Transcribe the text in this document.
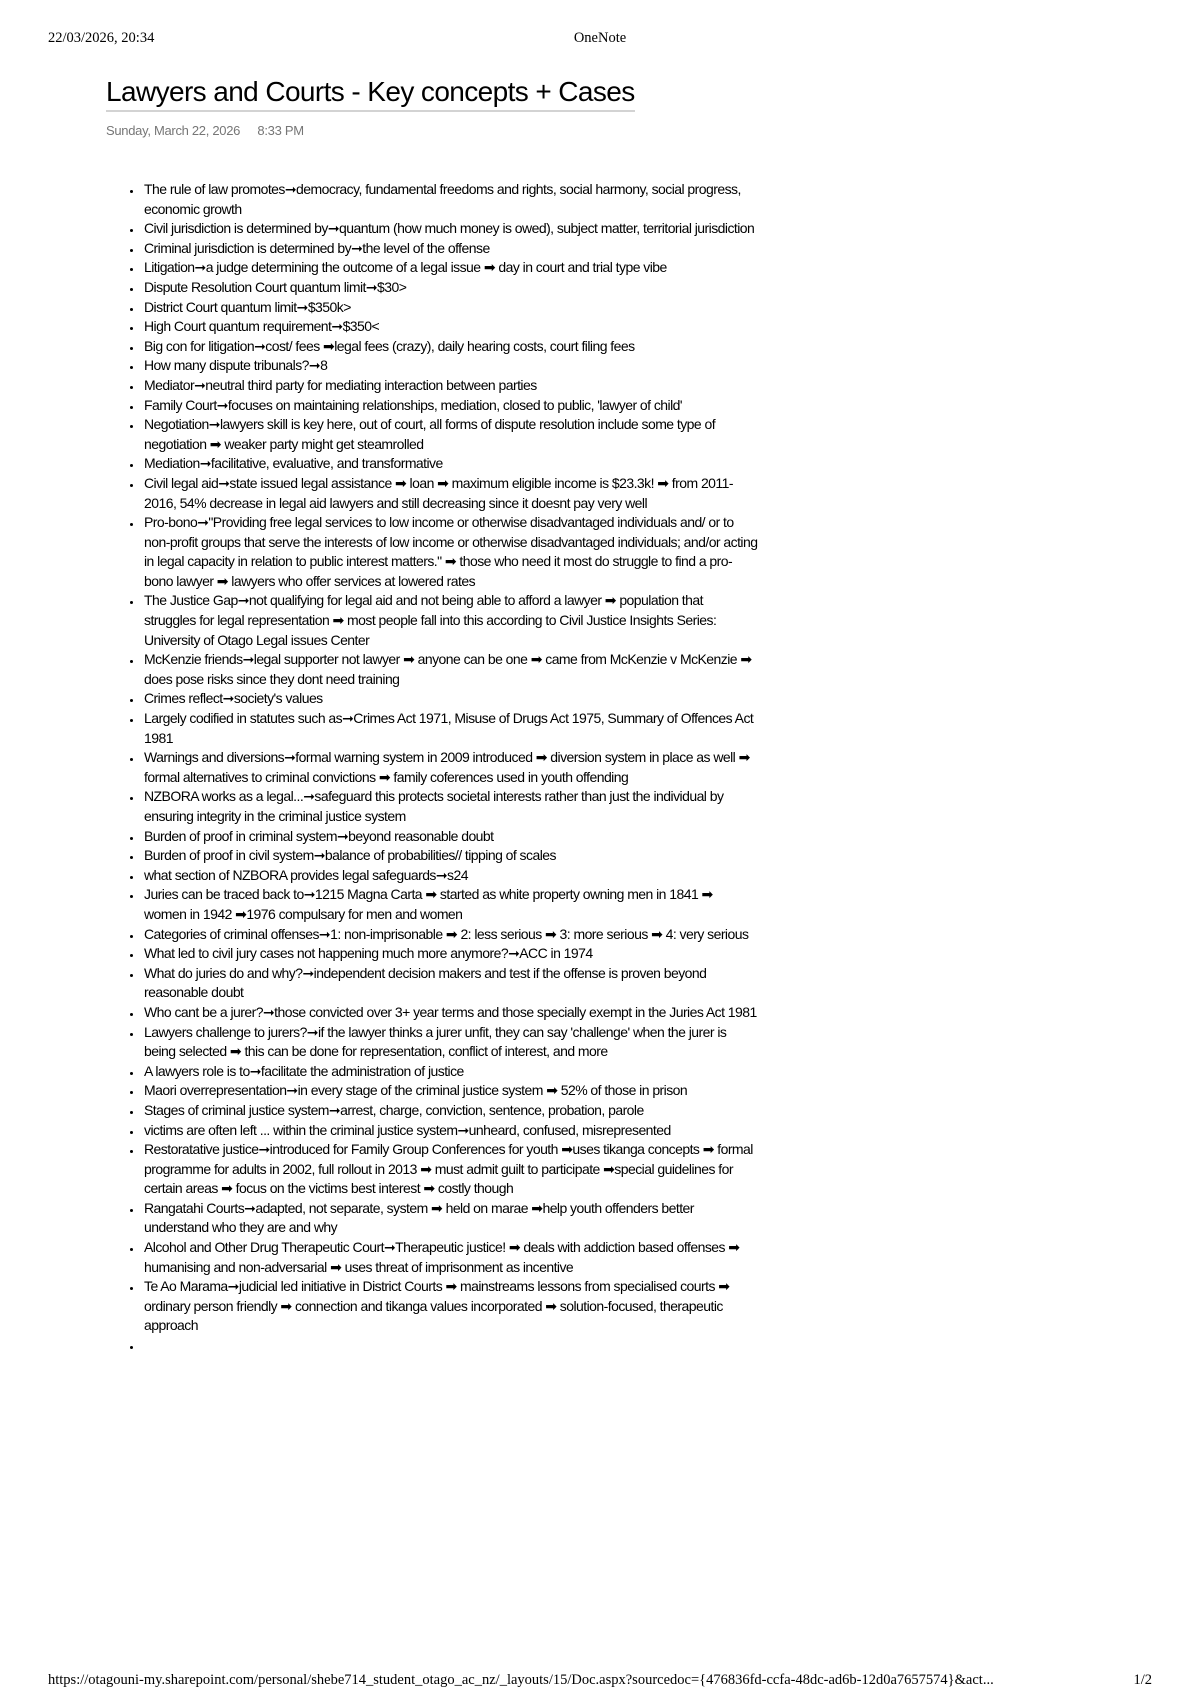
22/03/2026, 20:34	OneNote
Lawyers and Courts - Key concepts + Cases
Sunday, March 22, 2026 8:33 PM
• The rule of law promotes➞democracy, fundamental freedoms and rights, social harmony, social progress, economic growth
• Civil jurisdiction is determined by➞quantum (how much money is owed), subject matter, territorial jurisdiction
• Criminal jurisdiction is determined by➞the level of the offense
• Litigation➞a judge determining the outcome of a legal issue ➡ day in court and trial type vibe
• Dispute Resolution Court quantum limit➞$30>
• District Court quantum limit➞$350k>
• High Court quantum requirement➞$350<
• Big con for litigation➞cost/ fees ➡legal fees (crazy), daily hearing costs, court filing fees
• How many dispute tribunals?➞8
• Mediator➞neutral third party for mediating interaction between parties
• Family Court➞focuses on maintaining relationships, mediation, closed to public, 'lawyer of child'
• Negotiation➞lawyers skill is key here, out of court, all forms of dispute resolution include some type of negotiation ➡ weaker party might get steamrolled
• Mediation➞facilitative, evaluative, and transformative
• Civil legal aid➞state issued legal assistance ➡ loan ➡ maximum eligible income is $23.3k! ➡ from 2011-2016, 54% decrease in legal aid lawyers and still decreasing since it doesnt pay very well
• Pro-bono➞"Providing free legal services to low income or otherwise disadvantaged individuals and/ or to non-profit groups that serve the interests of low income or otherwise disadvantaged individuals; and/or acting in legal capacity in relation to public interest matters." ➡ those who need it most do struggle to find a pro-bono lawyer ➡ lawyers who offer services at lowered rates
• The Justice Gap➞not qualifying for legal aid and not being able to afford a lawyer ➡ population that struggles for legal representation ➡ most people fall into this according to Civil Justice Insights Series: University of Otago Legal issues Center
• McKenzie friends➞legal supporter not lawyer ➡ anyone can be one ➡ came from McKenzie v McKenzie ➡ does pose risks since they dont need training
• Crimes reflect➞society's values
• Largely codified in statutes such as➞Crimes Act 1971, Misuse of Drugs Act 1975, Summary of Offences Act 1981
• Warnings and diversions➞formal warning system in 2009 introduced ➡ diversion system in place as well ➡ formal alternatives to criminal convictions ➡ family coferences used in youth offending
• NZBORA works as a legal...➞safeguard this protects societal interests rather than just the individual by ensuring integrity in the criminal justice system
• Burden of proof in criminal system➞beyond reasonable doubt
• Burden of proof in civil system➞balance of probabilities// tipping of scales
• what section of NZBORA provides legal safeguards➞s24
• Juries can be traced back to➞1215 Magna Carta ➡ started as white property owning men in 1841 ➡ women in 1942 ➡1976 compulsary for men and women
• Categories of criminal offenses➞1: non-imprisonable ➡ 2: less serious ➡ 3: more serious ➡ 4: very serious
• What led to civil jury cases not happening much more anymore?➞ACC in 1974
• What do juries do and why?➞independent decision makers and test if the offense is proven beyond reasonable doubt
• Who cant be a jurer?➞those convicted over 3+ year terms and those specially exempt in the Juries Act 1981
• Lawyers challenge to jurers?➞if the lawyer thinks a jurer unfit, they can say 'challenge' when the jurer is being selected ➡ this can be done for representation, conflict of interest, and more
• A lawyers role is to➞facilitate the administration of justice
• Maori overrepresentation➞in every stage of the criminal justice system ➡ 52% of those in prison
• Stages of criminal justice system➞arrest, charge, conviction, sentence, probation, parole
• victims are often left ... within the criminal justice system➞unheard, confused, misrepresented
• Restoratative justice➞introduced for Family Group Conferences for youth ➡uses tikanga concepts ➡ formal programme for adults in 2002, full rollout in 2013 ➡ must admit guilt to participate ➡special guidelines for certain areas ➡ focus on the victims best interest ➡ costly though
• Rangatahi Courts➞adapted, not separate, system ➡ held on marae ➡help youth offenders better understand who they are and why
• Alcohol and Other Drug Therapeutic Court➞Therapeutic justice! ➡ deals with addiction based offenses ➡ humanising and non-adversarial ➡ uses threat of imprisonment as incentive
• Te Ao Marama➞judicial led initiative in District Courts ➡ mainstreams lessons from specialised courts ➡ ordinary person friendly ➡ connection and tikanga values incorporated ➡ solution-focused, therapeutic approach
•
https://otagouni-my.sharepoint.com/personal/shebe714_student_otago_ac_nz/_layouts/15/Doc.aspx?sourcedoc={476836fd-ccfa-48dc-ad6b-12d0a7657574}&act...	1/2
